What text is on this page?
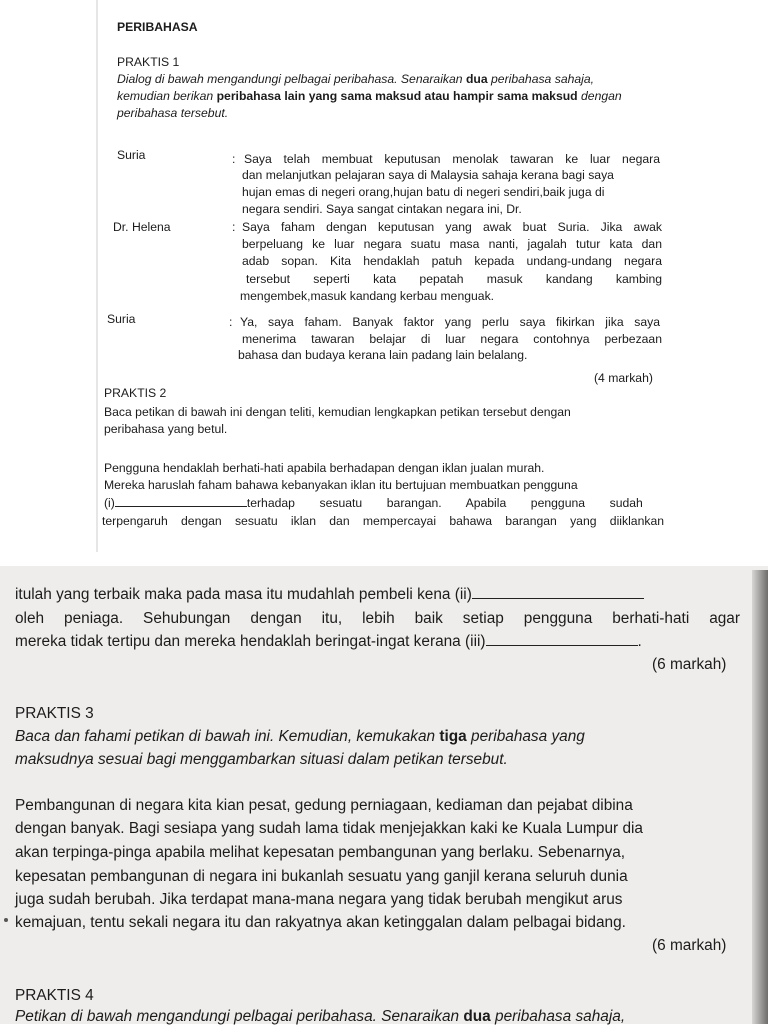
PERIBAHASA
PRAKTIS 1
Dialog di bawah mengandungi pelbagai peribahasa. Senaraikan dua peribahasa sahaja,
kemudian berikan peribahasa lain yang sama maksud atau hampir sama maksud dengan
peribahasa tersebut.
Suria	: Saya telah membuat keputusan menolak tawaran ke luar negara
dan melanjutkan pelajaran saya di Malaysia sahaja kerana bagi saya
hujan emas di negeri orang,hujan batu di negeri sendiri,baik juga di
negara sendiri. Saya sangat cintakan negara ini, Dr.
Dr. Helena	: Saya faham dengan keputusan yang awak buat Suria. Jika awak
berpeluang ke luar negara suatu masa nanti, jagalah tutur kata dan
adab sopan. Kita hendaklah patuh kepada undang-undang negara
tersebut seperti kata pepatah masuk kandang kambing
mengembek,masuk kandang kerbau menguak.
Suria	: Ya, saya faham. Banyak faktor yang perlu saya fikirkan jika saya
menerima tawaran belajar di luar negara contohnya perbezaan
bahasa dan budaya kerana lain padang lain belalang.
(4 markah)
PRAKTIS 2
Baca petikan di bawah ini dengan teliti, kemudian lengkapkan petikan tersebut dengan
peribahasa yang betul.
Pengguna hendaklah berhati-hati apabila berhadapan dengan iklan jualan murah.
Mereka haruslah faham bahawa kebanyakan iklan itu bertujuan membuatkan pengguna
(i)	terhadap sesuatu barangan. Apabila pengguna sudah
terpengaruh dengan sesuatu iklan dan mempercayai bahawa barangan yang diiklankan
itulah yang terbaik maka pada masa itu mudahlah pembeli kena (ii)
oleh peniaga. Sehubungan dengan itu, lebih baik setiap pengguna berhati-hati agar
mereka tidak tertipu dan mereka hendaklah beringat-ingat kerana (iii)	.
(6 markah)
PRAKTIS 3
Baca dan fahami petikan di bawah ini. Kemudian, kemukakan tiga peribahasa yang
maksudnya sesuai bagi menggambarkan situasi dalam petikan tersebut.
Pembangunan di negara kita kian pesat, gedung perniagaan, kediaman dan pejabat dibina
dengan banyak. Bagi sesiapa yang sudah lama tidak menjejakkan kaki ke Kuala Lumpur dia
akan terpinga-pinga apabila melihat kepesatan pembangunan yang berlaku. Sebenarnya,
kepesatan pembangunan di negara ini bukanlah sesuatu yang ganjil kerana seluruh dunia
juga sudah berubah. Jika terdapat mana-mana negara yang tidak berubah mengikut arus
kemajuan, tentu sekali negara itu dan rakyatnya akan ketinggalan dalam pelbagai bidang.
(6 markah)
PRAKTIS 4
Petikan di bawah mengandungi pelbagai peribahasa. Senaraikan dua peribahasa sahaja,
